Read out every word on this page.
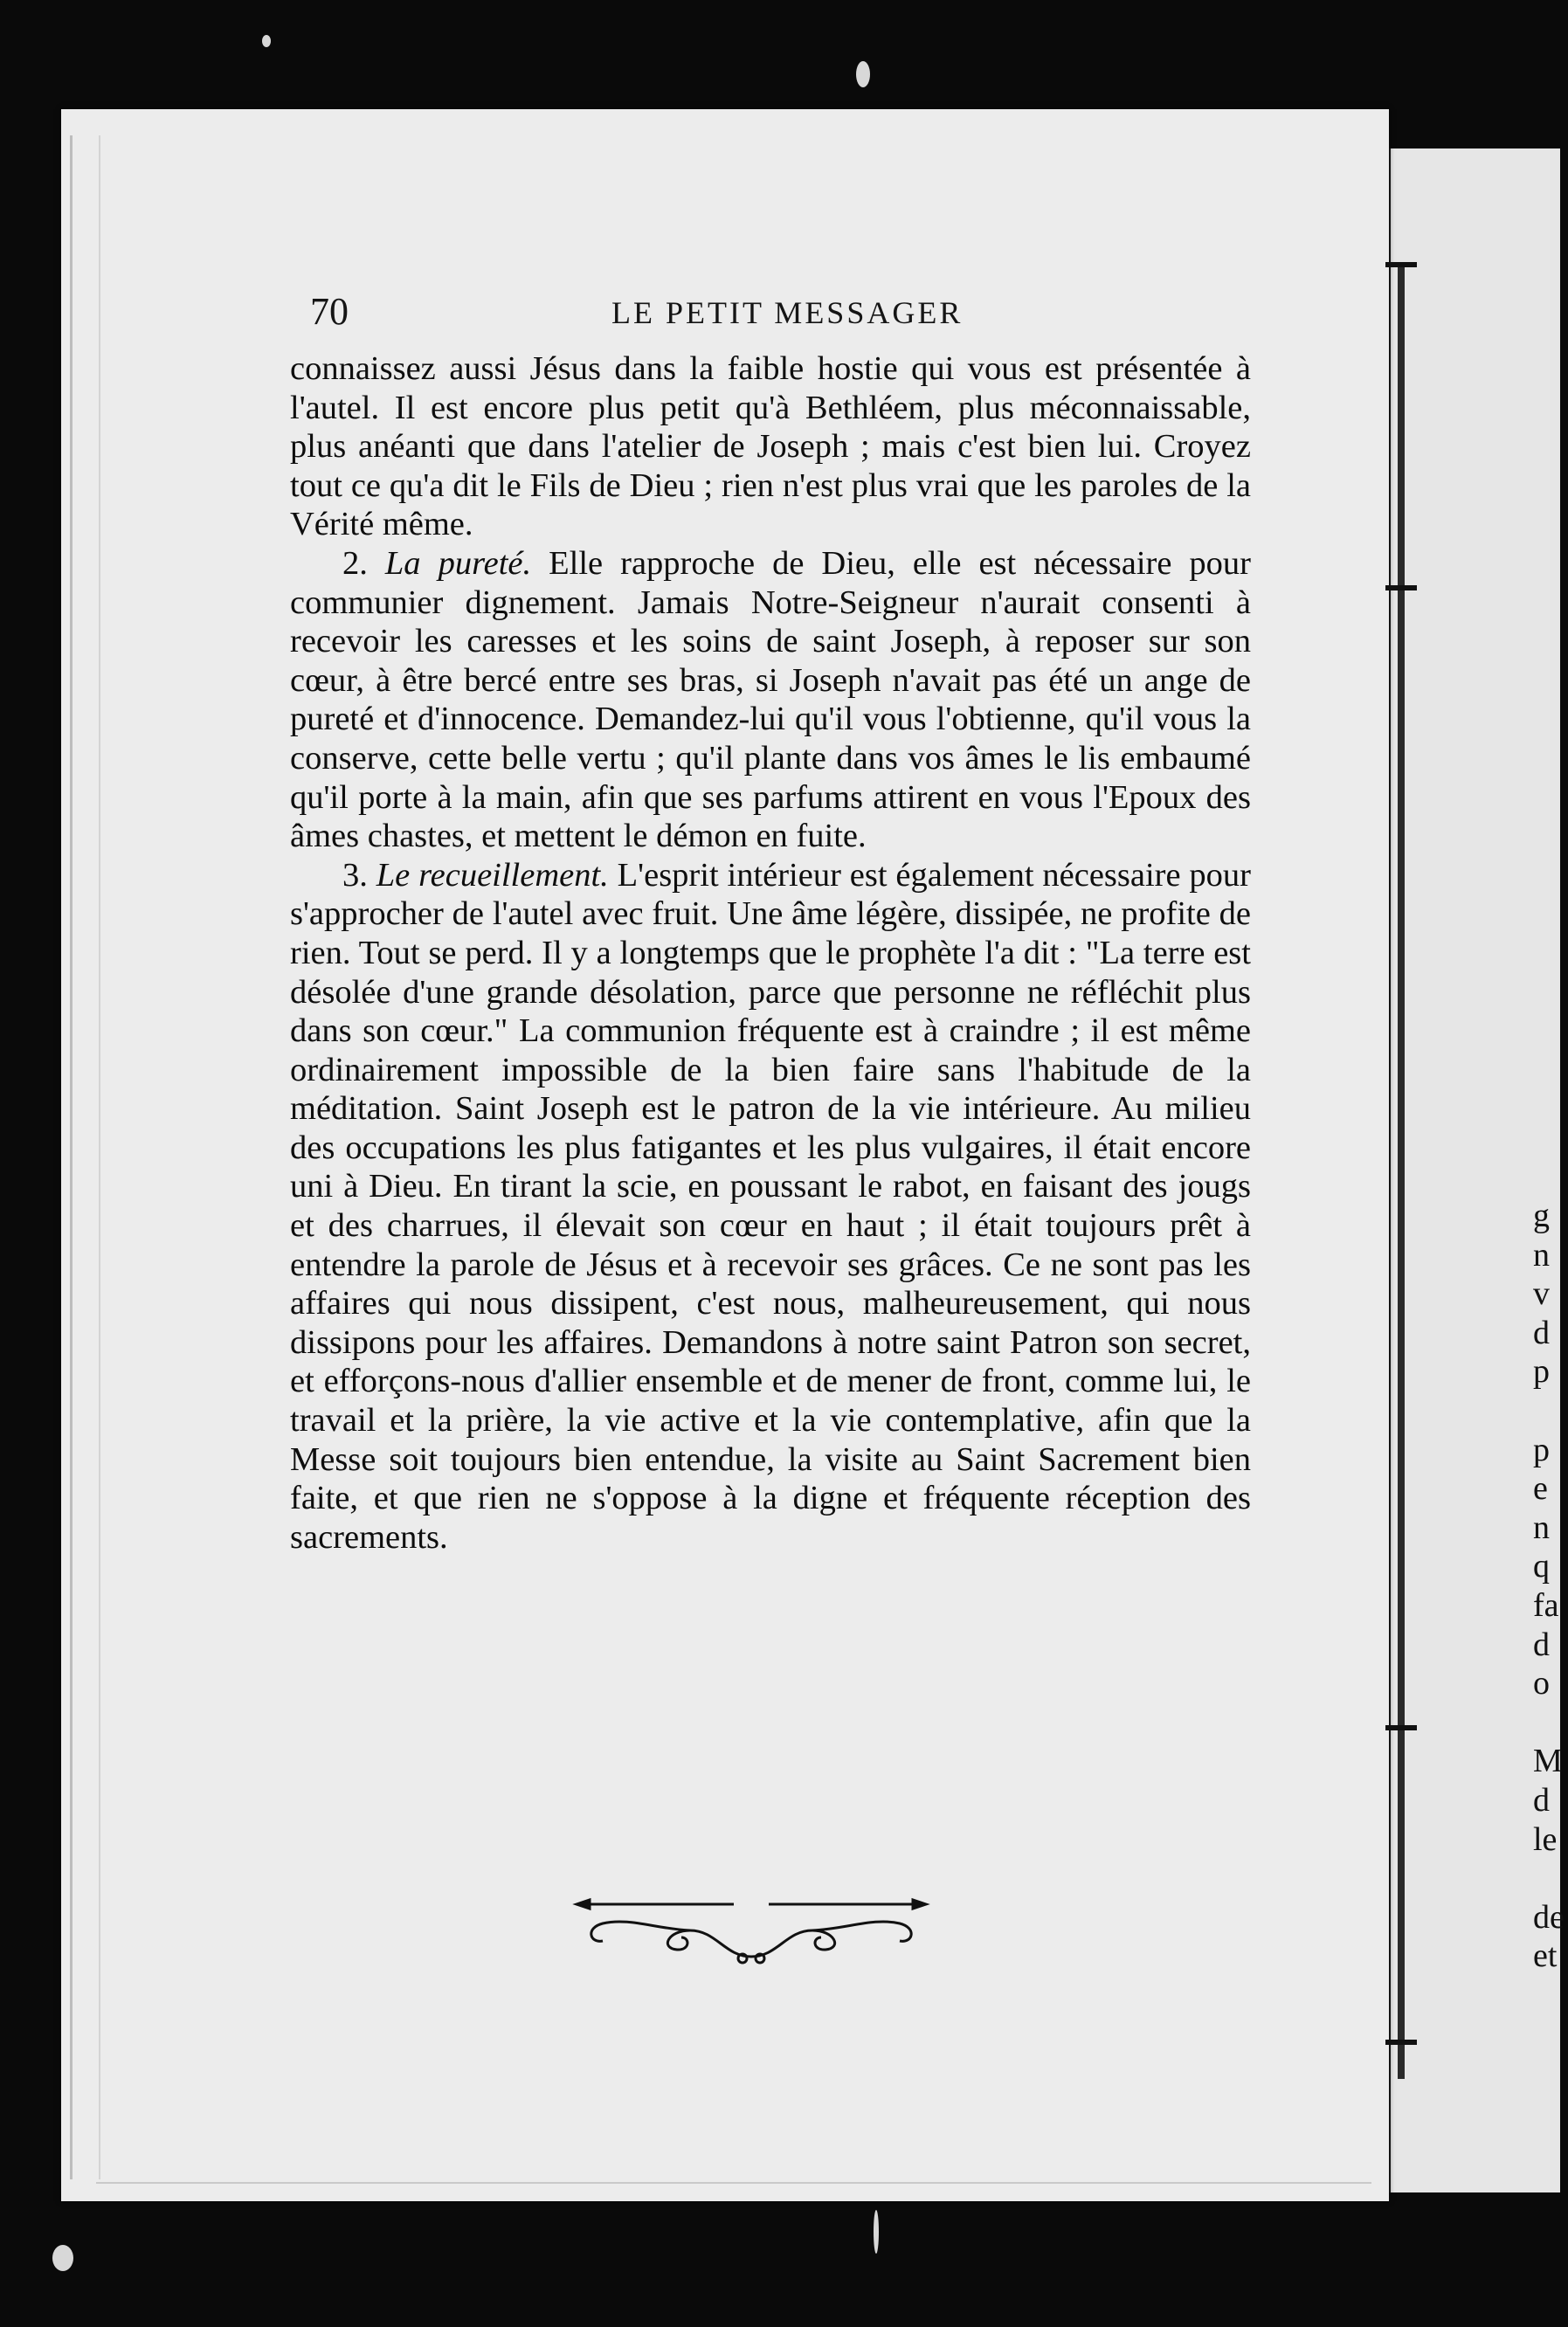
70	LE PETIT MESSAGER

connaissez aussi Jésus dans la faible hostie qui vous est présentée à l'autel. Il est encore plus petit qu'à Bethléem, plus méconnaissable, plus anéanti que dans l'atelier de Joseph ; mais c'est bien lui. Croyez tout ce qu'a dit le Fils de Dieu ; rien n'est plus vrai que les paroles de la Vérité même.

2. La pureté. Elle rapproche de Dieu, elle est nécessaire pour communier dignement. Jamais Notre-Seigneur n'aurait consenti à recevoir les caresses et les soins de saint Joseph, à reposer sur son cœur, à être bercé entre ses bras, si Joseph n'avait pas été un ange de pureté et d'innocence. Demandez-lui qu'il vous l'obtienne, qu'il vous la conserve, cette belle vertu ; qu'il plante dans vos âmes le lis embaumé qu'il porte à la main, afin que ses parfums attirent en vous l'Epoux des âmes chastes, et mettent le démon en fuite.

3. Le recueillement. L'esprit intérieur est également nécessaire pour s'approcher de l'autel avec fruit. Une âme légère, dissipée, ne profite de rien. Tout se perd. Il y a longtemps que le prophète l'a dit : "La terre est désolée d'une grande désolation, parce que personne ne réfléchit plus dans son cœur." La communion fréquente est à craindre ; il est même ordinairement impossible de la bien faire sans l'habitude de la méditation. Saint Joseph est le patron de la vie intérieure. Au milieu des occupations les plus fatigantes et les plus vulgaires, il était encore uni à Dieu. En tirant la scie, en poussant le rabot, en faisant des jougs et des charrues, il élevait son cœur en haut ; il était toujours prêt à entendre la parole de Jésus et à recevoir ses grâces. Ce ne sont pas les affaires qui nous dissipent, c'est nous, malheureusement, qui nous dissipons pour les affaires. Demandons à notre saint Patron son secret, et efforçons-nous d'allier ensemble et de mener de front, comme lui, le travail et la prière, la vie active et la vie contemplative, afin que la Messe soit toujours bien entendue, la visite au Saint Sacrement bien faite, et que rien ne s'oppose à la digne et fréquente réception des sacrements.

g
n
v
d
p
p
e
n
q
fa
d
o
M
d
le
de
et
